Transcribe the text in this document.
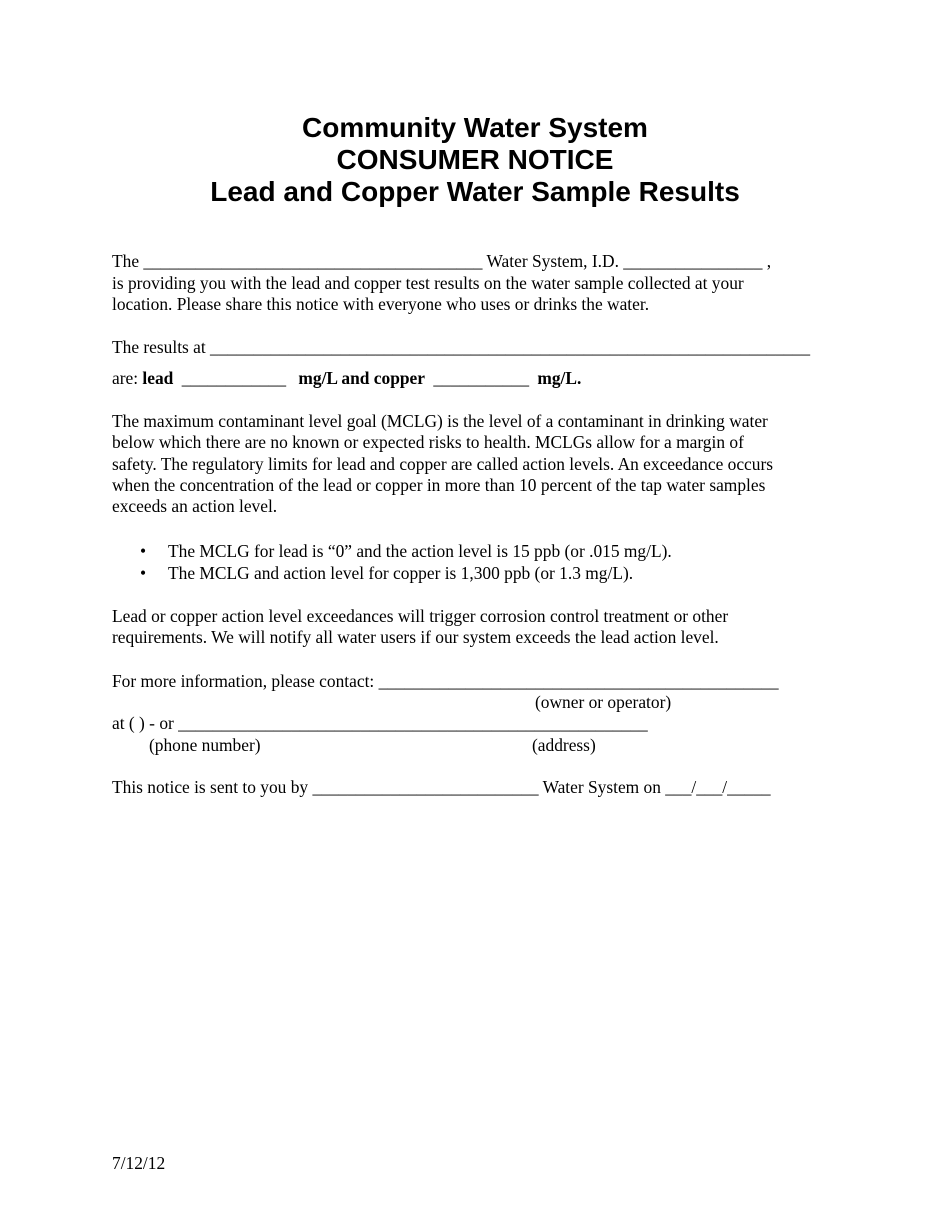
Community Water System
CONSUMER NOTICE
Lead and Copper Water Sample Results
The _______________________________________ Water System, I.D. ________________ ,
is providing you with the lead and copper test results on the water sample collected at your
location. Please share this notice with everyone who uses or drinks the water.
The results at _____________________________________________________________________
are: lead ____________ mg/L and copper ___________ mg/L.
The maximum contaminant level goal (MCLG) is the level of a contaminant in drinking water
below which there are no known or expected risks to health. MCLGs allow for a margin of
safety. The regulatory limits for lead and copper are called action levels. An exceedance occurs
when the concentration of the lead or copper in more than 10 percent of the tap water samples
exceeds an action level.
• The MCLG for lead is “0” and the action level is 15 ppb (or .015 mg/L).
• The MCLG and action level for copper is 1,300 ppb (or 1.3 mg/L).
Lead or copper action level exceedances will trigger corrosion control treatment or other
requirements. We will notify all water users if our system exceeds the lead action level.
For more information, please contact: ______________________________________________
(owner or operator)
at ( ) - or ______________________________________________________
(phone number)	(address)
This notice is sent to you by __________________________ Water System on ___/___/_____
7/12/12
